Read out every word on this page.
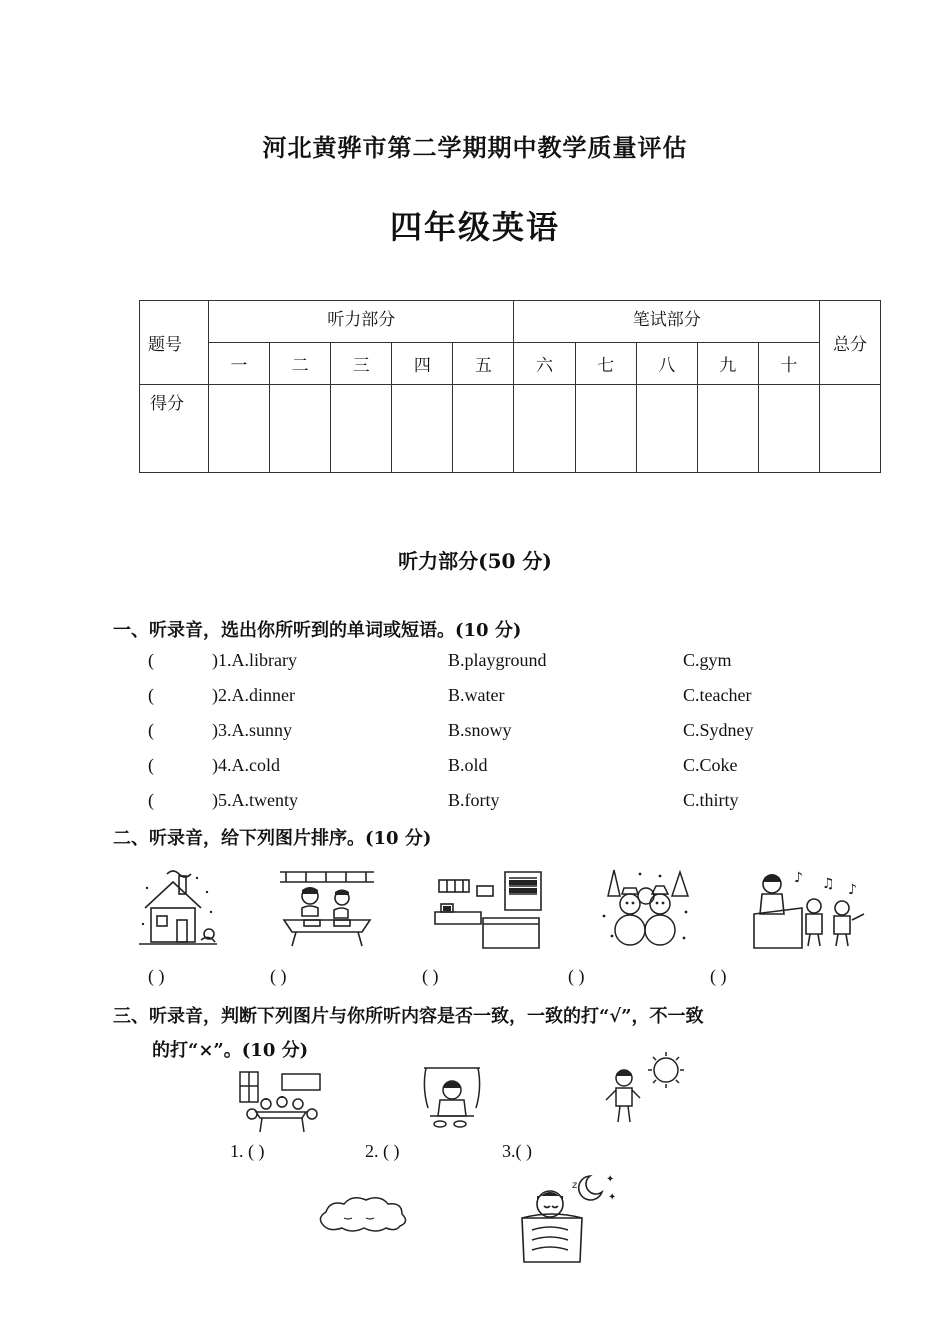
河北黄骅市第二学期期中教学质量评估
四年级英语
题号	听力部分					笔试部分					总分
	一	二	三	四	五	六	七	八	九	十	
得分											
听力部分(50 分)
一、听录音，选出你所听到的单词或短语。(10 分)
(	)1.A.library	B.playground	C.gym
(	)2.A.dinner	B.water	C.teacher
(	)3.A.sunny	B.snowy	C.Sydney
(	)4.A.cold	B.old	C.Coke
(	)5.A.twenty	B.forty	C.thirty
二、听录音，给下列图片排序。(10 分)
♪ ♫ ♪
( )	( )	( )	( )	( )
三、听录音，判断下列图片与你所听内容是否一致，一致的打“√”，不一致
的打“×”。(10 分)
1. ( )	2. ( )	3.( )
z
✦
✦
